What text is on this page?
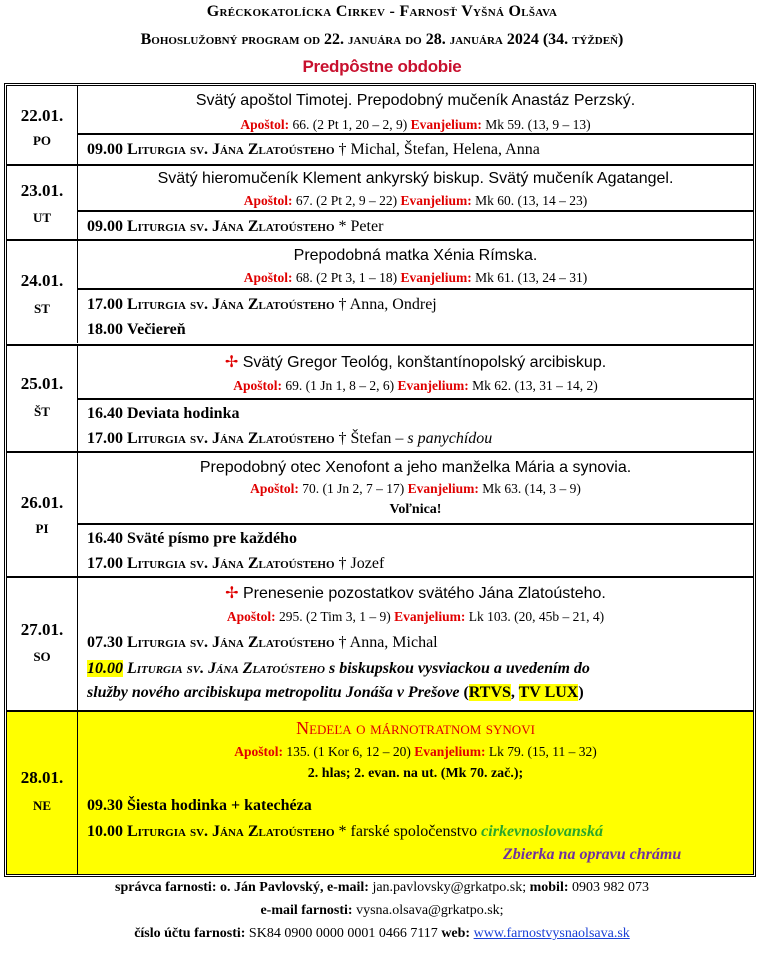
Gréckokatolícka Cirkev - Farnosť Vyšná Olšava
Bohoslužobný program od 22. januára do 28. januára 2024 (34. týždeň)
Predpôstne obdobie
22.01.
PO
Svätý apoštol Timotej. Prepodobný mučeník Anastáz Perzský.
Apoštol: 66. (2 Pt 1, 20 – 2, 9) Evanjelium: Mk 59. (13, 9 – 13)
09.00 Liturgia sv. Jána Zlatoústeho † Michal, Štefan, Helena, Anna
23.01.
UT
Svätý hieromučeník Klement ankyrský biskup. Svätý mučeník Agatangel.
Apoštol: 67. (2 Pt 2, 9 – 22) Evanjelium: Mk 60. (13, 14 – 23)
09.00 Liturgia sv. Jána Zlatoústeho * Peter
24.01.
ST
Prepodobná matka Xénia Rímska.
Apoštol: 68. (2 Pt 3, 1 – 18) Evanjelium: Mk 61. (13, 24 – 31)
17.00 Liturgia sv. Jána Zlatoústeho † Anna, Ondrej
18.00 Večiereň
25.01.
ŠT
✢ Svätý Gregor Teológ, konštantínopolský arcibiskup.
Apoštol: 69. (1 Jn 1, 8 – 2, 6) Evanjelium: Mk 62. (13, 31 – 14, 2)
16.40 Deviata hodinka
17.00 Liturgia sv. Jána Zlatoústeho † Štefan – s panychídou
26.01.
PI
Prepodobný otec Xenofont a jeho manželka Mária a synovia.
Apoštol: 70. (1 Jn 2, 7 – 17) Evanjelium: Mk 63. (14, 3 – 9)
Voľnica!
16.40 Sväté písmo pre každého
17.00 Liturgia sv. Jána Zlatoústeho † Jozef
27.01.
SO
✢ Prenesenie pozostatkov svätého Jána Zlatoústeho.
Apoštol: 295. (2 Tim 3, 1 – 9) Evanjelium: Lk 103. (20, 45b – 21, 4)
07.30 Liturgia sv. Jána Zlatoústeho † Anna, Michal
10.00 Liturgia sv. Jána Zlatoústeho s biskupskou vysviackou a uvedením do
služby nového arcibiskupa metropolitu Jonáša v Prešove (RTVS, TV LUX)
28.01.
NE
Nedeľa o márnotratnom synovi
Apoštol: 135. (1 Kor 6, 12 – 20) Evanjelium: Lk 79. (15, 11 – 32)
2. hlas; 2. evan. na ut. (Mk 70. zač.);
09.30 Šiesta hodinka + katechéza
10.00 Liturgia sv. Jána Zlatoústeho * farské spoločenstvo cirkevnoslovanská
Zbierka na opravu chrámu
správca farnosti: o. Ján Pavlovský, e-mail: jan.pavlovsky@grkatpo.sk; mobil: 0903 982 073
e-mail farnosti: vysna.olsava@grkatpo.sk;
číslo účtu farnosti: SK84 0900 0000 0001 0466 7117 web: www.farnostvysnaolsava.sk
